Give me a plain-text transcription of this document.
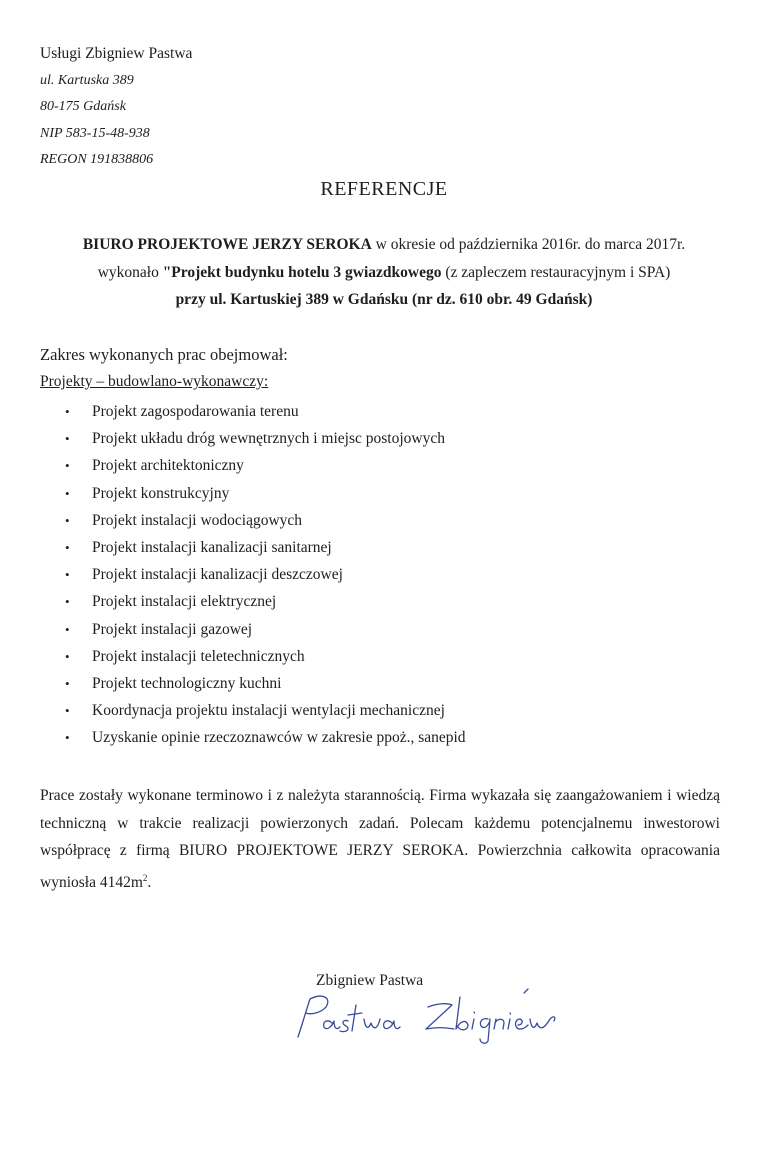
Usługi Zbigniew Pastwa
ul. Kartuska 389
80-175 Gdańsk
NIP 583-15-48-938
REGON 191838806
REFERENCJE
BIURO PROJEKTOWE JERZY SEROKA w okresie od października 2016r. do marca 2017r.
wykonało "Projekt budynku hotelu 3 gwiazdkowego (z zapleczem restauracyjnym i SPA)
przy ul. Kartuskiej 389 w Gdańsku (nr dz. 610 obr. 49 Gdańsk)
Zakres wykonanych prac obejmował:
Projekty – budowlano-wykonawczy:
• Projekt zagospodarowania terenu
• Projekt układu dróg wewnętrznych i miejsc postojowych
• Projekt architektoniczny
• Projekt konstrukcyjny
• Projekt instalacji wodociągowych
• Projekt instalacji kanalizacji sanitarnej
• Projekt instalacji kanalizacji deszczowej
• Projekt instalacji elektrycznej
• Projekt instalacji gazowej
• Projekt instalacji teletechnicznych
• Projekt technologiczny kuchni
• Koordynacja projektu instalacji wentylacji mechanicznej
• Uzyskanie opinie rzeczoznawców w zakresie ppoż., sanepid
Prace zostały wykonane terminowo i z należyta starannością. Firma wykazała się zaangażowaniem i wiedzą techniczną w trakcie realizacji powierzonych zadań. Polecam każdemu potencjalnemu inwestorowi współpracę z firmą BIURO PROJEKTOWE JERZY SEROKA. Powierzchnia całkowita opracowania wyniosła $4142m^2$.
Zbigniew Pastwa
